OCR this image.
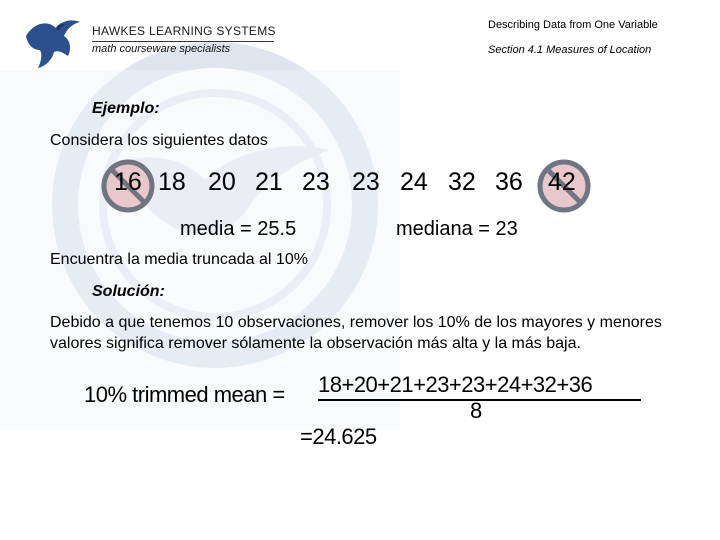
HAWKES LEARNING SYSTEMS
math courseware specialists
Describing Data from One Variable
Section 4.1 Measures of Location
Ejemplo:
Considera los siguientes datos
16 18 20 21 23 23 24 32 36 42
media = 25.5	mediana = 23
Encuentra la media truncada al 10%
Solución:
Debido a que tenemos 10 observaciones, remover los 10% de los mayores y menores valores significa remover sólamente la observación más alta y la más baja.
10% trimmed mean = 18+20+21+23+23+24+32+36
8
=24.625
